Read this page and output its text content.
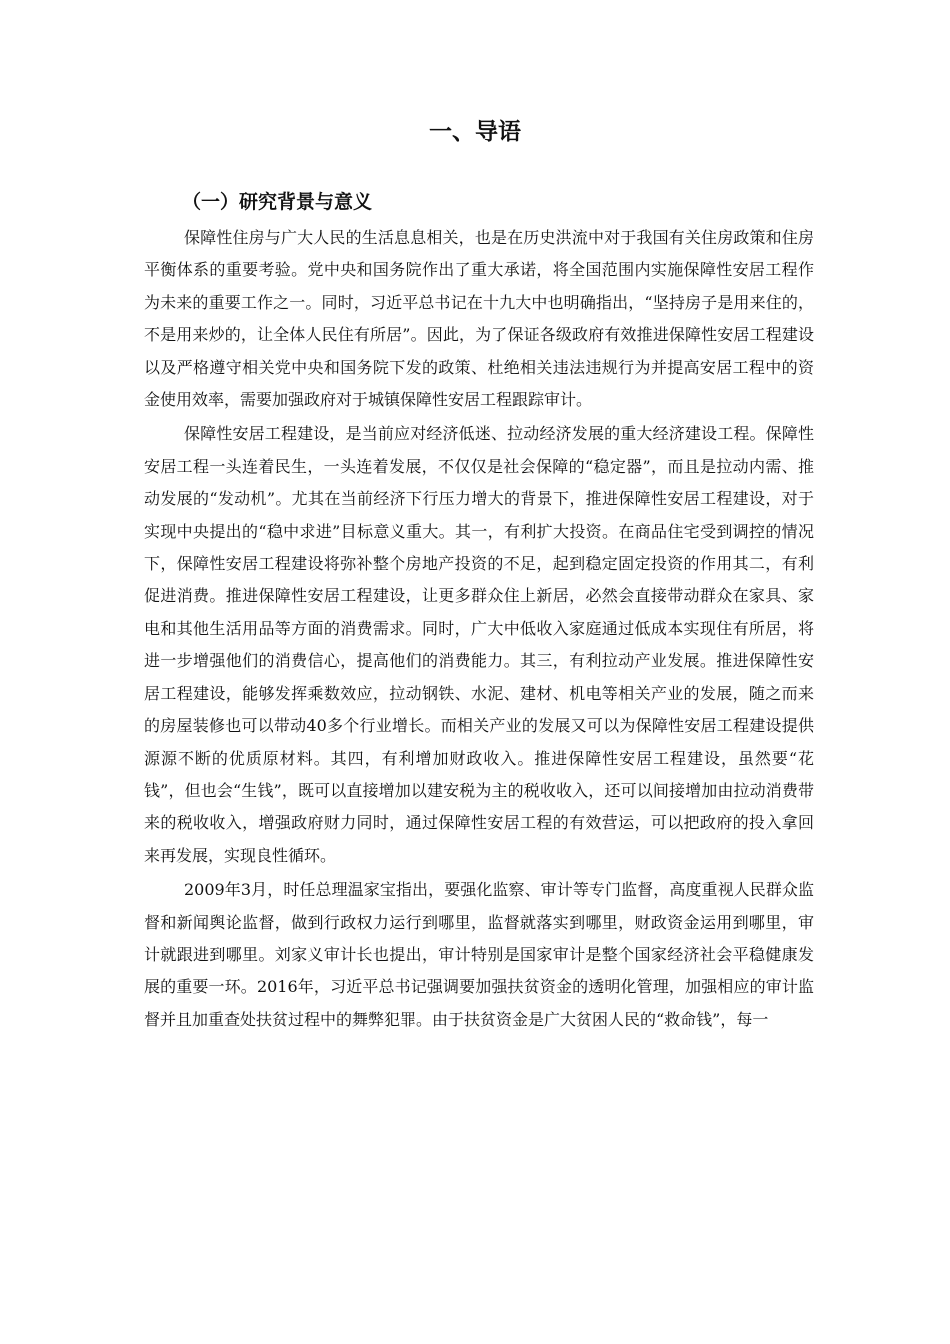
一、导语
（一）研究背景与意义

保障性住房与广大人民的生活息息相关，也是在历史洪流中对于我国有关住房政策和住房平衡体系的重要考验。党中央和国务院作出了重大承诺，将全国范围内实施保障性安居工程作为未来的重要工作之一。同时，习近平总书记在十九大中也明确指出，“坚持房子是用来住的，不是用来炒的，让全体人民住有所居”。因此，为了保证各级政府有效推进保障性安居工程建设以及严格遵守相关党中央和国务院下发的政策、杜绝相关违法违规行为并提高安居工程中的资金使用效率，需要加强政府对于城镇保障性安居工程跟踪审计。

保障性安居工程建设，是当前应对经济低迷、拉动经济发展的重大经济建设工程。保障性安居工程一头连着民生，一头连着发展，不仅仅是社会保障的“稳定器”，而且是拉动内需、推动发展的“发动机”。尤其在当前经济下行压力增大的背景下，推进保障性安居工程建设，对于实现中央提出的“稳中求进”目标意义重大。其一，有利扩大投资。在商品住宅受到调控的情况下，保障性安居工程建设将弥补整个房地产投资的不足，起到稳定固定投资的作用其二，有利促进消费。推进保障性安居工程建设，让更多群众住上新居，必然会直接带动群众在家具、家电和其他生活用品等方面的消费需求。同时，广大中低收入家庭通过低成本实现住有所居，将进一步增强他们的消费信心，提高他们的消费能力。其三，有利拉动产业发展。推进保障性安居工程建设，能够发挥乘数效应，拉动钢铁、水泥、建材、机电等相关产业的发展，随之而来的房屋装修也可以带动40多个行业增长。而相关产业的发展又可以为保障性安居工程建设提供源源不断的优质原材料。其四，有利增加财政收入。推进保障性安居工程建设，虽然要“花钱”，但也会“生钱”，既可以直接增加以建安税为主的税收收入，还可以间接增加由拉动消费带来的税收收入，增强政府财力同时，通过保障性安居工程的有效营运，可以把政府的投入拿回来再发展，实现良性循环。

2009年3月，时任总理温家宝指出，要强化监察、审计等专门监督，高度重视人民群众监督和新闻舆论监督，做到行政权力运行到哪里，监督就落实到哪里，财政资金运用到哪里，审计就跟进到哪里。刘家义审计长也提出，审计特别是国家审计是整个国家经济社会平稳健康发展的重要一环。2016年，习近平总书记强调要加强扶贫资金的透明化管理，加强相应的审计监督并且加重查处扶贫过程中的舞弊犯罪。由于扶贫资金是广大贫困人民的“救命钱”，每一
